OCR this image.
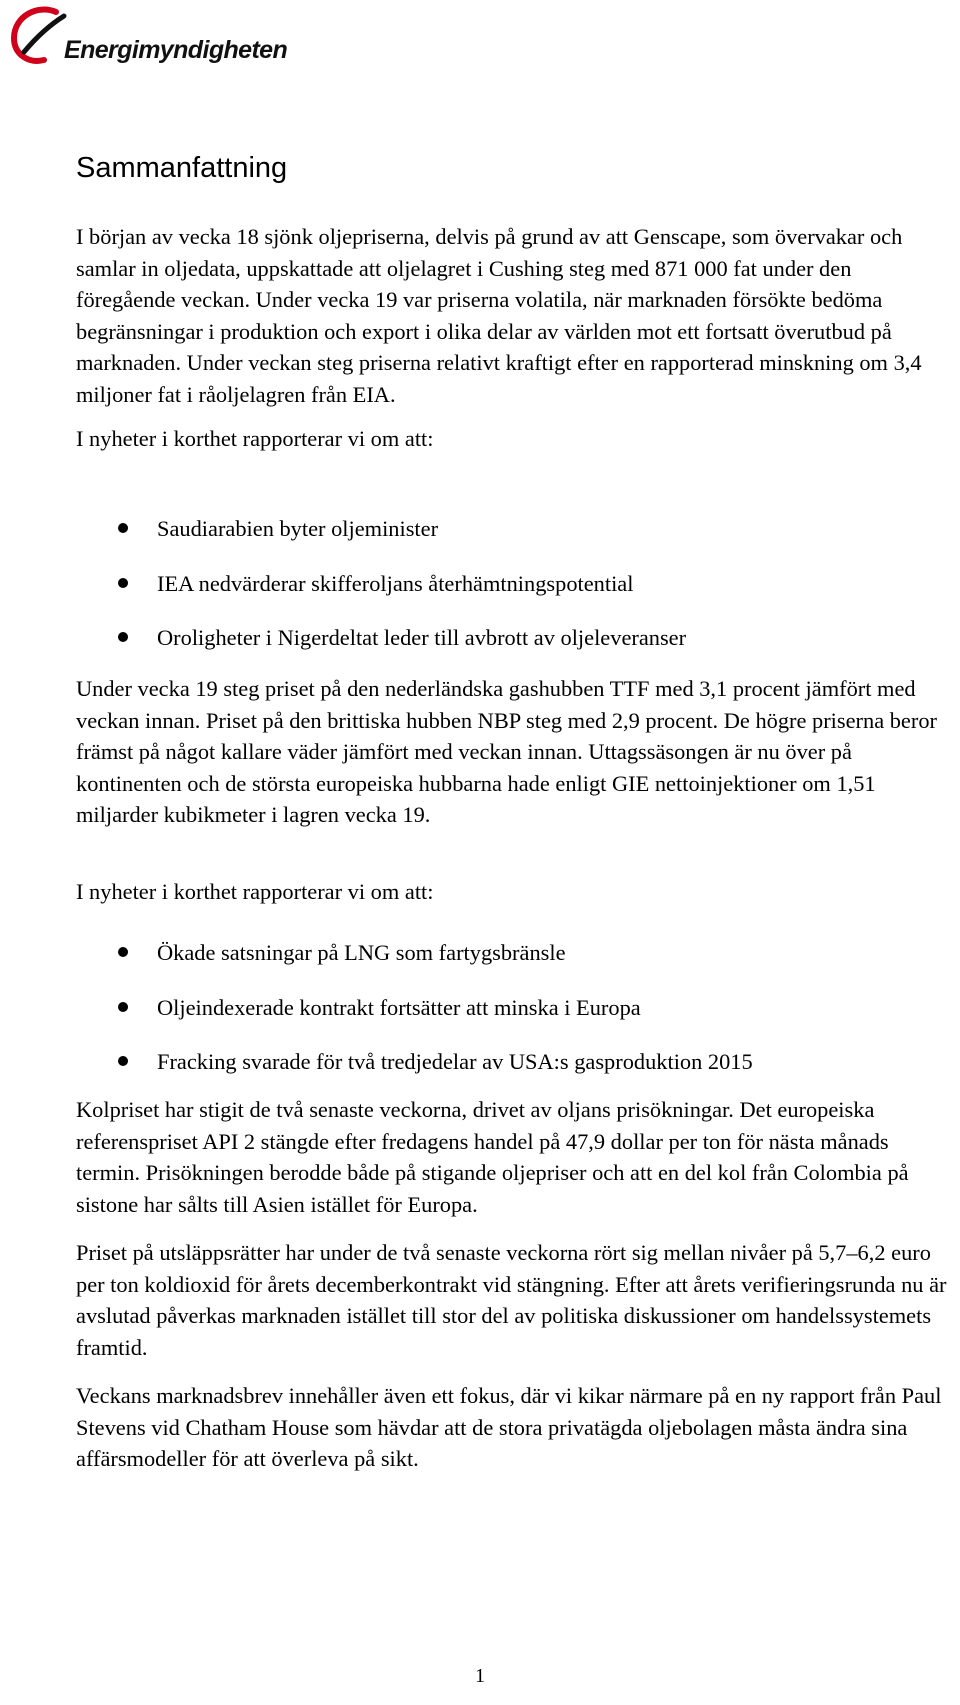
Energimyndigheten
Sammanfattning

I början av vecka 18 sjönk oljepriserna, delvis på grund av att Genscape, som övervakar och samlar in oljedata, uppskattade att oljelagret i Cushing steg med 871 000 fat under den föregående veckan. Under vecka 19 var priserna volatila, när marknaden försökte bedöma begränsningar i produktion och export i olika delar av världen mot ett fortsatt överutbud på marknaden. Under veckan steg priserna relativt kraftigt efter en rapporterad minskning om 3,4 miljoner fat i råoljelagren från EIA.

I nyheter i korthet rapporterar vi om att:

Saudiarabien byter oljeminister
IEA nedvärderar skifferoljans återhämtningspotential
Oroligheter i Nigerdeltat leder till avbrott av oljeleveranser

Under vecka 19 steg priset på den nederländska gashubben TTF med 3,1 procent jämfört med veckan innan. Priset på den brittiska hubben NBP steg med 2,9 procent. De högre priserna beror främst på något kallare väder jämfört med veckan innan. Uttagssäsongen är nu över på kontinenten och de största europeiska hubbarna hade enligt GIE nettoinjektioner om 1,51 miljarder kubikmeter i lagren vecka 19.

I nyheter i korthet rapporterar vi om att:

Ökade satsningar på LNG som fartygsbränsle
Oljeindexerade kontrakt fortsätter att minska i Europa
Fracking svarade för två tredjedelar av USA:s gasproduktion 2015

Kolpriset har stigit de två senaste veckorna, drivet av oljans prisökningar. Det europeiska referenspriset API 2 stängde efter fredagens handel på 47,9 dollar per ton för nästa månads termin. Prisökningen berodde både på stigande oljepriser och att en del kol från Colombia på sistone har sålts till Asien istället för Europa.

Priset på utsläppsrätter har under de två senaste veckorna rört sig mellan nivåer på 5,7–6,2 euro per ton koldioxid för årets decemberkontrakt vid stängning. Efter att årets verifieringsrunda nu är avslutad påverkas marknaden istället till stor del av politiska diskussioner om handelssystemets framtid.

Veckans marknadsbrev innehåller även ett fokus, där vi kikar närmare på en ny rapport från Paul Stevens vid Chatham House som hävdar att de stora privatägda oljebolagen måsta ändra sina affärsmodeller för att överleva på sikt.

1
